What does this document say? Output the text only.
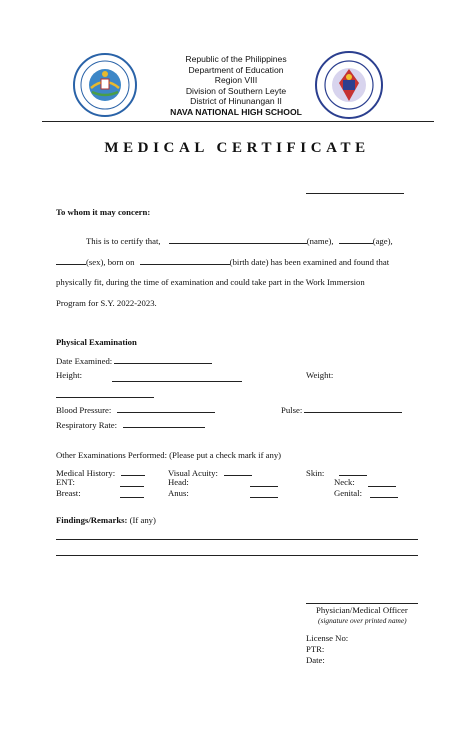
Republic of the Philippines
Department of Education
Region VIII
Division of Southern Leyte
District of Hinunangan II
NAVA NATIONAL HIGH SCHOOL
MEDICAL CERTIFICATE
To whom it may concern:
This is to certify that,	(name),	(age),
(sex), born on	(birth date) has been examined and found that
physically fit, during the time of examination and could take part in the Work Immersion
Program for S.Y. 2022-2023.
Physical Examination
Date Examined:
Height:	Weight:
Blood Pressure:	Pulse:
Respiratory Rate:
Other Examinations Performed: (Please put a check mark if any)
Medical History:	Visual Acuity:	Skin:
ENT:	Head:	Neck:
Breast:	Anus:	Genital:
Findings/Remarks: (If any)
Physician/Medical Officer
(signature over printed name)
License No:
PTR:
Date:
